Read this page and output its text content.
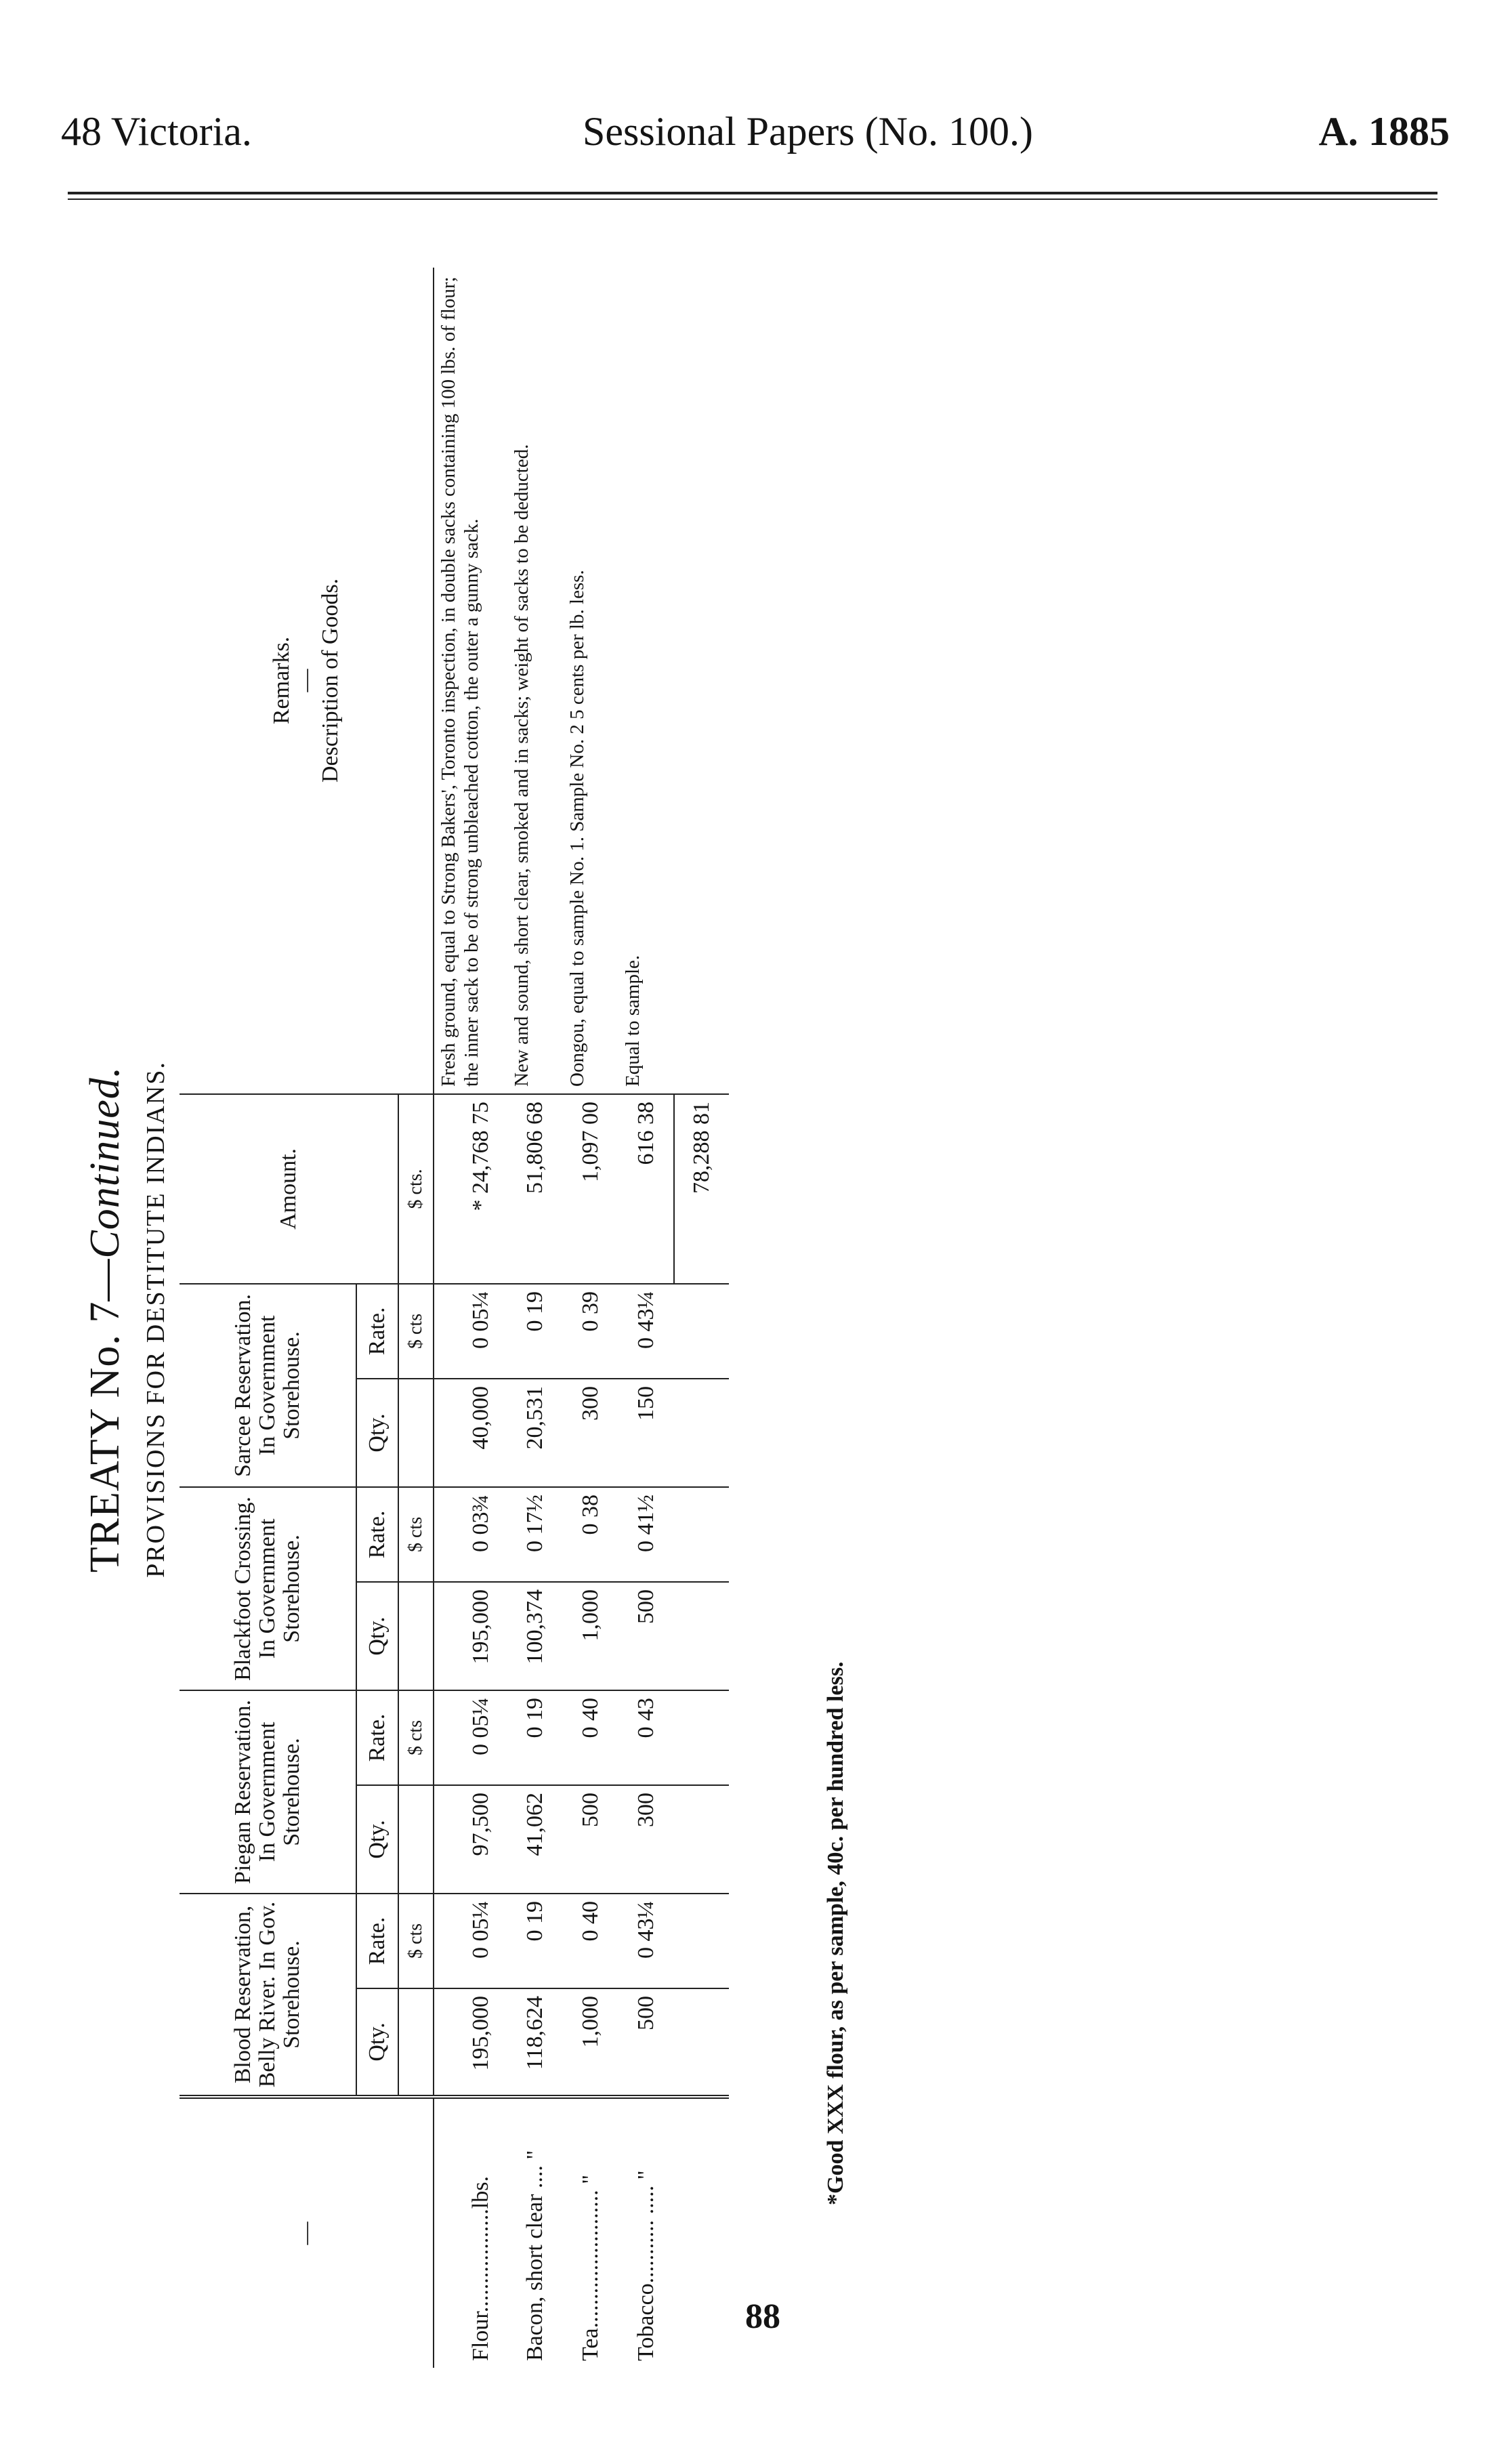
48 Victoria.	Sessional Papers (No. 100.)	A. 1885
TREATY No. 7—Continued. PROVISIONS FOR DESTITUTE INDIANS.
—	Blood Reservation, Belly River. In Gov. Storehouse.		Piegan Reservation. In Government Storehouse.		Blackfoot Crossing. In Government Storehouse.		Sarcee Reservation. In Government Storehouse.		Amount.	Remarks.
—
Description of Goods.

	Qty.	Rate.	Qty.	Rate.	Qty.	Rate.	Qty.	Rate.		
		$ cts		$ cts		$ cts		$ cts	$ cts.	
Flour..................lbs.	195,000	0 05¼	97,500	0 05¼	195,000	0 03¾	40,000	0 05¼	* 24,768 75	Fresh ground, equal to Strong Bakers', Toronto inspection, in double sacks containing 100 lbs. of flour; the inner sack to be of strong unbleached cotton, the outer a gunny sack.
Bacon, short clear .... "	118,624	0 19	41,062	0 19	100,374	0 17½	20,531	0 19	51,806 68	New and sound, short clear, smoked and in sacks; weight of sacks to be deducted.
Tea........................ "	1,000	0 40	500	0 40	1,000	0 38	300	0 39	1,097 00	Oongou, equal to sample No. 1. Sample No. 2 5 cents per lb. less.
Tobacco........... ..... "	500	0 43¼	300	0 43	500	0 41½	150	0 43¼	616 38	Equal to sample.
									78,288 81	
*Good XXX flour, as per sample, 40c. per hundred less.
88
